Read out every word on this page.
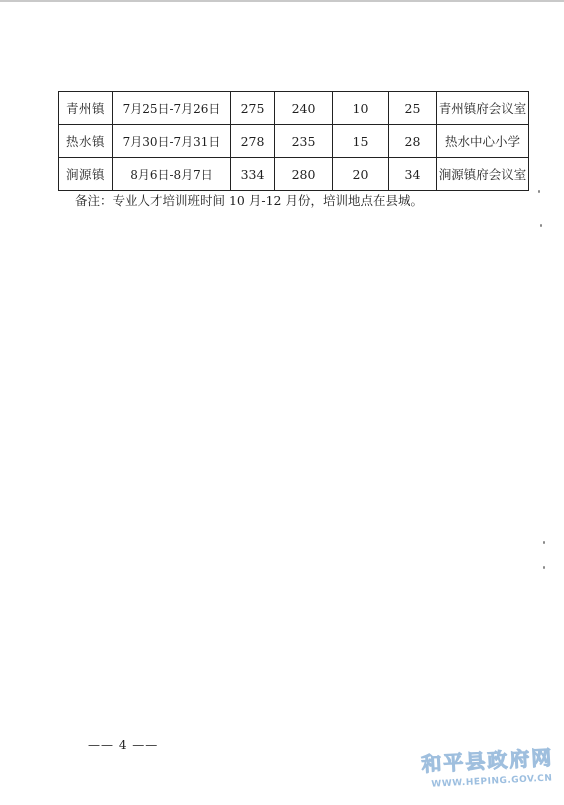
青州镇	7月25日-7月26日	275	240	10	25	青州镇府会议室
热水镇	7月30日-7月31日	278	235	15	28	热水中心小学
涧源镇	8月6日-8月7日	334	280	20	34	涧源镇府会议室
备注：专业人才培训班时间 10 月-12 月份，培训地点在县城。
—— 4 ——
和平县政府网
WWW.HEPING.GOV.CN
